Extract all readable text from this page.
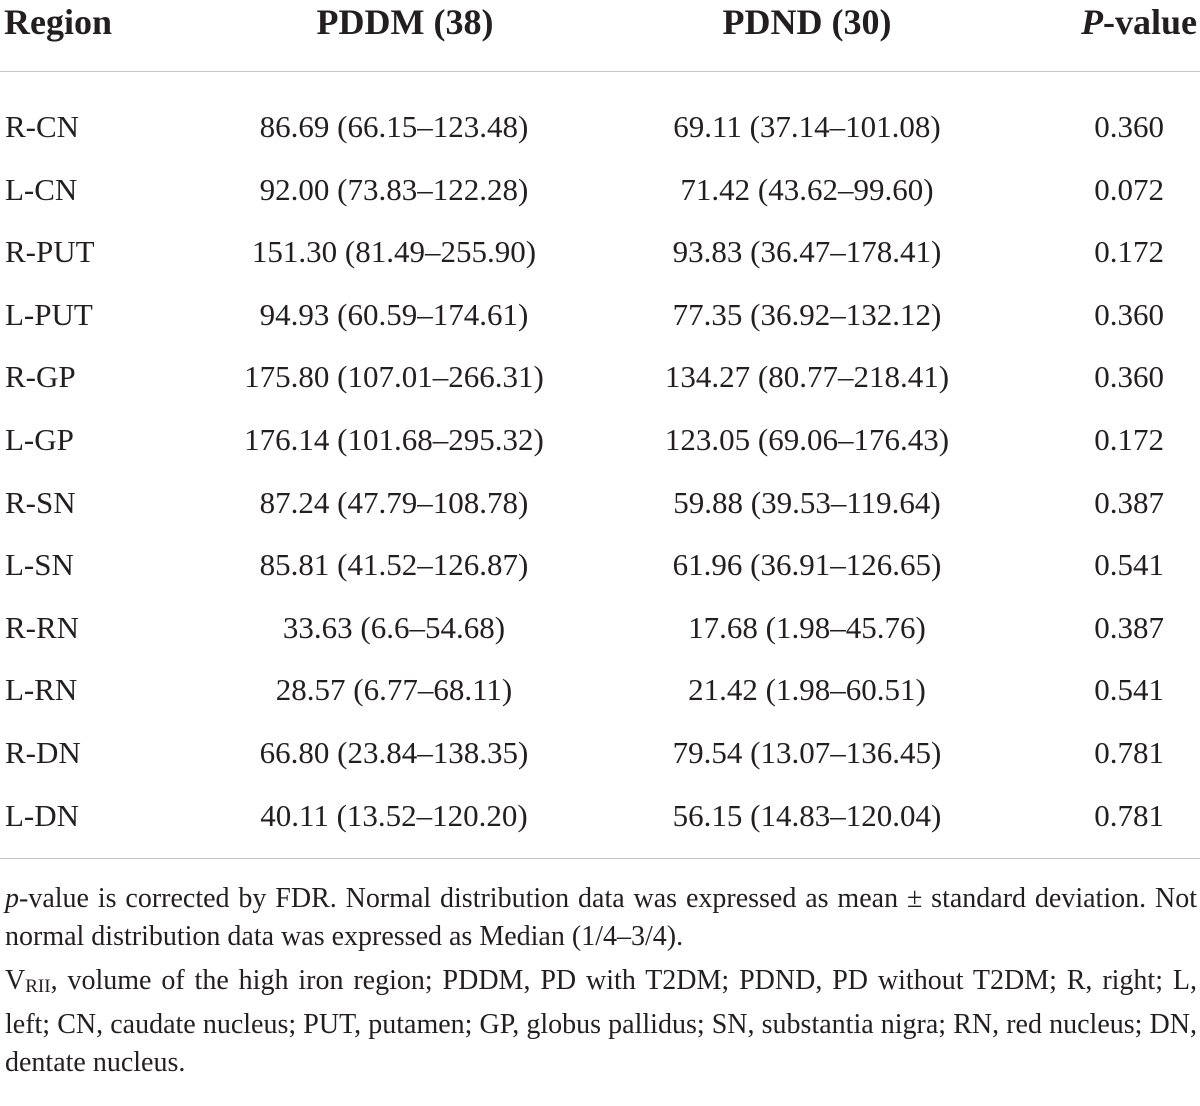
Region	PDDM (38)	PDND (30)	P-value
R-CN	86.69 (66.15–123.48)	69.11 (37.14–101.08)	0.360
L-CN	92.00 (73.83–122.28)	71.42 (43.62–99.60)	0.072
R-PUT	151.30 (81.49–255.90)	93.83 (36.47–178.41)	0.172
L-PUT	94.93 (60.59–174.61)	77.35 (36.92–132.12)	0.360
R-GP	175.80 (107.01–266.31)	134.27 (80.77–218.41)	0.360
L-GP	176.14 (101.68–295.32)	123.05 (69.06–176.43)	0.172
R-SN	87.24 (47.79–108.78)	59.88 (39.53–119.64)	0.387
L-SN	85.81 (41.52–126.87)	61.96 (36.91–126.65)	0.541
R-RN	33.63 (6.6–54.68)	17.68 (1.98–45.76)	0.387
L-RN	28.57 (6.77–68.11)	21.42 (1.98–60.51)	0.541
R-DN	66.80 (23.84–138.35)	79.54 (13.07–136.45)	0.781
L-DN	40.11 (13.52–120.20)	56.15 (14.83–120.04)	0.781

p-value is corrected by FDR. Normal distribution data was expressed as mean ± standard deviation. Not normal distribution data was expressed as Median (1/4–3/4).

VRII, volume of the high iron region; PDDM, PD with T2DM; PDND, PD without T2DM; R, right; L, left; CN, caudate nucleus; PUT, putamen; GP, globus pallidus; SN, substantia nigra; RN, red nucleus; DN, dentate nucleus.
